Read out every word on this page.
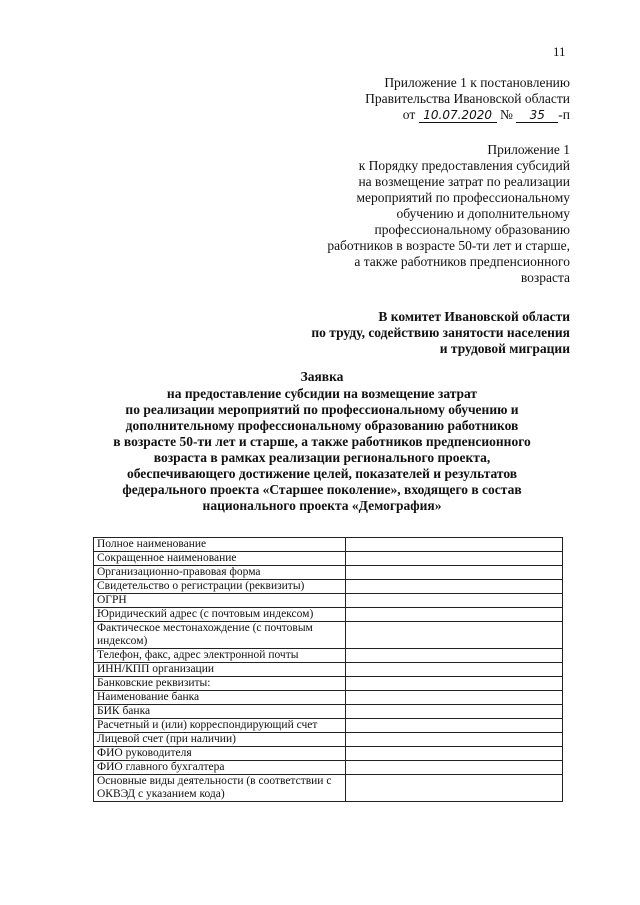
11
Приложение 1 к постановлению
Правительства Ивановской области
от 10.07.2020 № 35 -п
Приложение 1
к Порядку предоставления субсидий
на возмещение затрат по реализации
мероприятий по профессиональному
обучению и дополнительному
профессиональному образованию
работников в возрасте 50-ти лет и старше,
а также работников предпенсионного
возраста
В комитет Ивановской области
по труду, содействию занятости населения
и трудовой миграции
Заявка
на предоставление субсидии на возмещение затрат
по реализации мероприятий по профессиональному обучению и
дополнительному профессиональному образованию работников
в возрасте 50-ти лет и старше, а также работников предпенсионного
возраста в рамках реализации регионального проекта,
обеспечивающего достижение целей, показателей и результатов
федерального проекта «Старшее поколение», входящего в состав
национального проекта «Демография»
Полное наименование	
Сокращенное наименование	
Организационно-правовая форма	
Свидетельство о регистрации (реквизиты)	
ОГРН	
Юридический адрес (с почтовым индексом)	
Фактическое местонахождение (с почтовым индексом)	
Телефон, факс, адрес электронной почты	
ИНН/КПП организации	
Банковские реквизиты:	
Наименование банка	
БИК банка	
Расчетный и (или) корреспондирующий счет	
Лицевой счет (при наличии)	
ФИО руководителя	
ФИО главного бухгалтера	
Основные виды деятельности (в соответствии с ОКВЭД с указанием кода)	
